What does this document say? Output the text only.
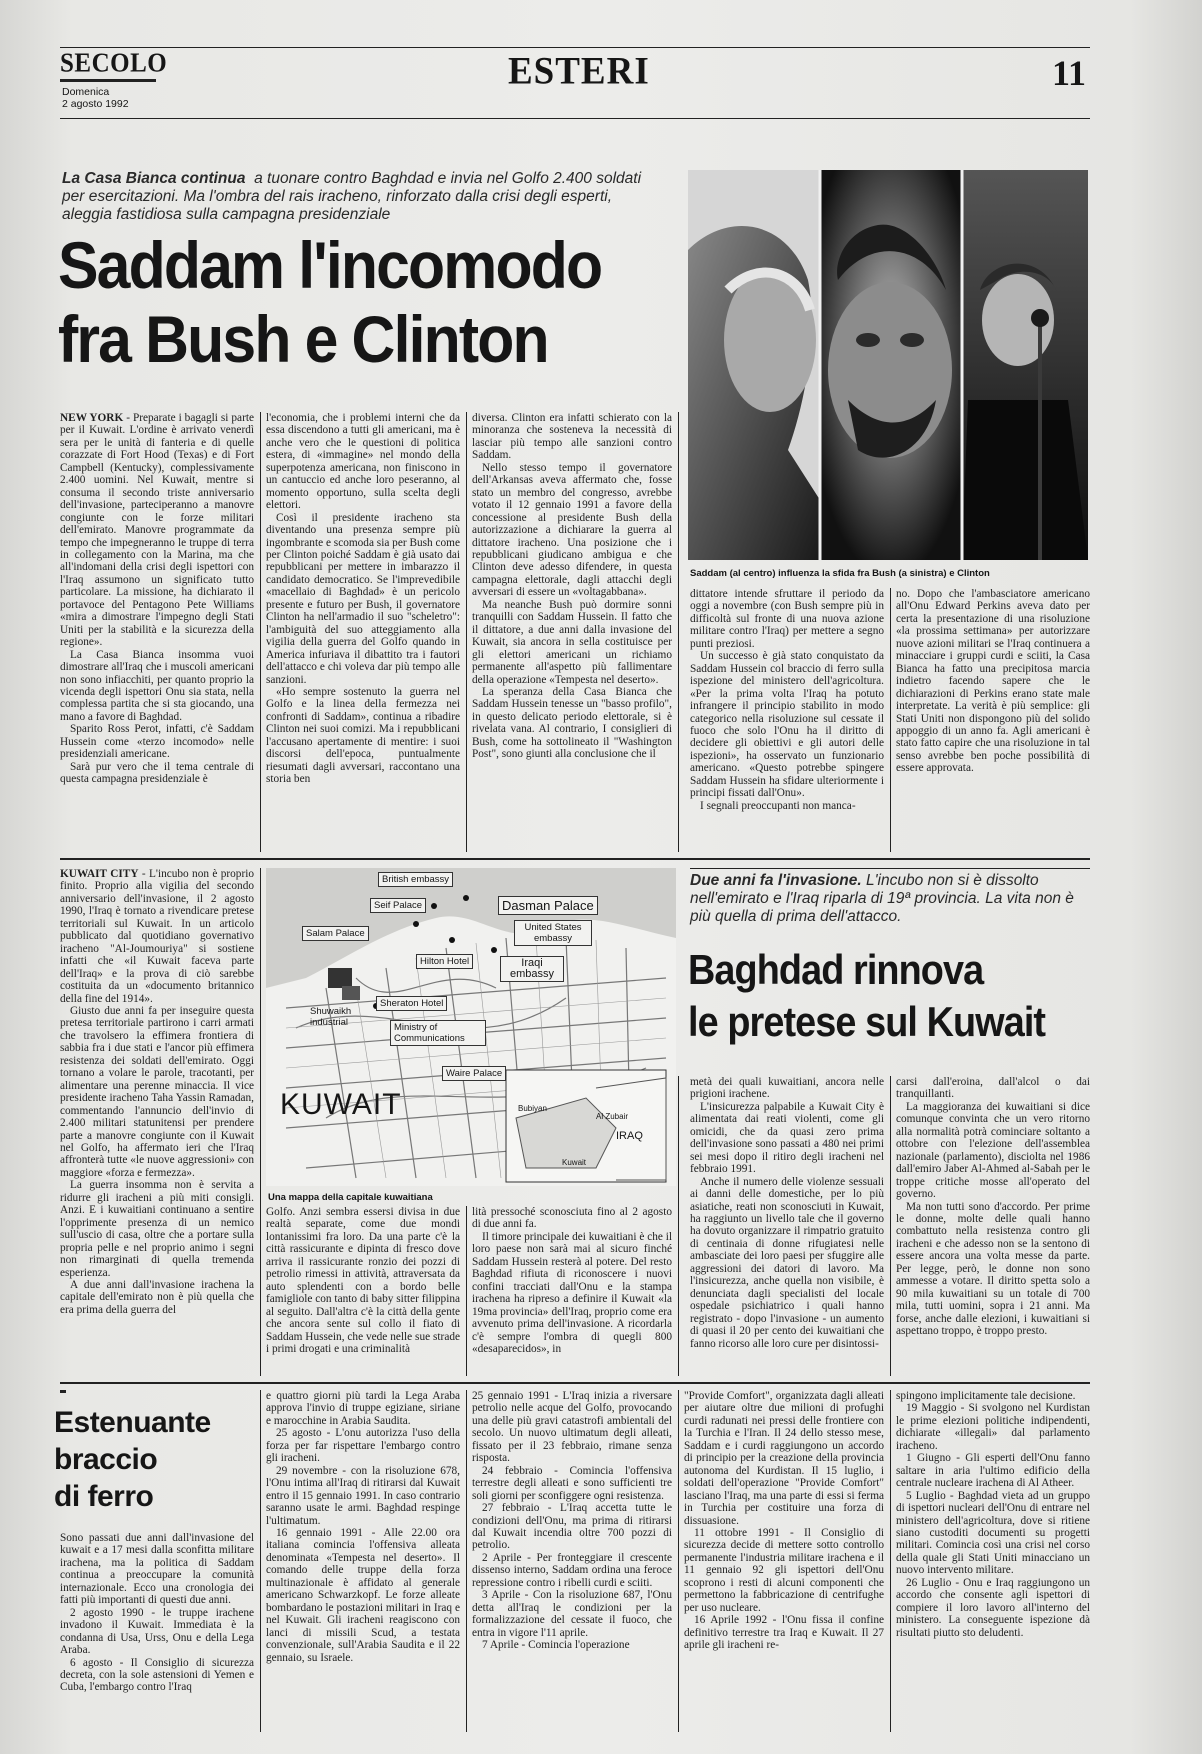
SECOLO
Domenica
2 agosto 1992
ESTERI	11
La Casa Bianca continua a tuonare contro Baghdad e invia nel Golfo 2.400 soldati per esercitazioni. Ma l'ombra del rais iracheno, rinforzato dalla crisi degli esperti, aleggia fastidiosa sulla campagna presidenziale
Saddam l'incomodo
fra Bush e Clinton
Saddam (al centro) influenza la sfida fra Bush (a sinistra) e Clinton

NEW YORK - Preparate i bagagli si parte per il Kuwait. L'ordine è arrivato venerdì sera per le unità di fanteria e di quelle corazzate di Fort Hood (Texas) e di Fort Campbell (Kentucky), complessivamente 2.400 uomini. Nel Kuwait, mentre si consuma il secondo triste anniversario dell'invasione, parteciperanno a manovre congiunte con le forze militari dell'emirato. Manovre programmate da tempo che impegneranno le truppe di terra in collegamento con la Marina, ma che all'indomani della crisi degli ispettori con l'Iraq assumono un significato tutto particolare. La missione, ha dichiarato il portavoce del Pentagono Pete Williams «mira a dimostrare l'impegno degli Stati Uniti per la stabilità e la sicurezza della regione».

La Casa Bianca insomma vuoi dimostrare all'Iraq che i muscoli americani non sono infiacchiti, per quanto proprio la vicenda degli ispettori Onu sia stata, nella complessa partita che si sta giocando, una mano a favore di Baghdad.

Sparito Ross Perot, infatti, c'è Saddam Hussein come «terzo incomodo» nelle presidenziali americane.

Sarà pur vero che il tema centrale di questa campagna presidenziale è

l'economia, che i problemi interni che da essa discendono a tutti gli americani, ma è anche vero che le questioni di politica estera, di «immagine» nel mondo della superpotenza americana, non finiscono in un cantuccio ed anche loro peseranno, al momento opportuno, sulla scelta degli elettori.

Così il presidente iracheno sta diventando una presenza sempre più ingombrante e scomoda sia per Bush come per Clinton poiché Saddam è già usato dai repubblicani per mettere in imbarazzo il candidato democratico. Se l'imprevedibile «macellaio di Baghdad» è un pericolo presente e futuro per Bush, il governatore Clinton ha nell'armadio il suo "scheletro": l'ambiguità del suo atteggiamento alla vigilia della guerra del Golfo quando in America infuriava il dibattito tra i fautori dell'attacco e chi voleva dar più tempo alle sanzioni.

«Ho sempre sostenuto la guerra nel Golfo e la linea della fermezza nei confronti di Saddam», continua a ribadire Clinton nei suoi comizi. Ma i repubblicani l'accusano apertamente di mentire: i suoi discorsi dell'epoca, puntualmente riesumati dagli avversari, raccontano una storia ben

diversa. Clinton era infatti schierato con la minoranza che sosteneva la necessità di lasciar più tempo alle sanzioni contro Saddam.

Nello stesso tempo il governatore dell'Arkansas aveva affermato che, fosse stato un membro del congresso, avrebbe votato il 12 gennaio 1991 a favore della concessione al presidente Bush della autorizzazione a dichiarare la guerra al dittatore iracheno. Una posizione che i repubblicani giudicano ambigua e che Clinton deve adesso difendere, in questa campagna elettorale, dagli attacchi degli avversari di essere un «voltagabbana».

Ma neanche Bush può dormire sonni tranquilli con Saddam Hussein. Il fatto che il dittatore, a due anni dalla invasione del Kuwait, sia ancora in sella costituisce per gli elettori americani un richiamo permanente all'aspetto più fallimentare della operazione «Tempesta nel deserto».

La speranza della Casa Bianca che Saddam Hussein tenesse un "basso profilo", in questo delicato periodo elettorale, si è rivelata vana. Al contrario, I consiglieri di Bush, come ha sottolineato il "Washington Post", sono giunti alla conclusione che il

dittatore intende sfruttare il periodo da oggi a novembre (con Bush sempre più in difficoltà sul fronte di una nuova azione militare contro l'Iraq) per mettere a segno punti preziosi.

Un successo è già stato conquistato da Saddam Hussein col braccio di ferro sulla ispezione del ministero dell'agricoltura. «Per la prima volta l'Iraq ha potuto infrangere il principio stabilito in modo categorico nella risoluzione sul cessate il fuoco che solo l'Onu ha il diritto di decidere gli obiettivi e gli autori delle ispezioni», ha osservato un funzionario americano. «Questo potrebbe spingere Saddam Hussein ha sfidare ulteriormente i principi fissati dall'Onu».

I segnali preoccupanti non manca-

no. Dopo che l'ambasciatore americano all'Onu Edward Perkins aveva dato per certa la presentazione di una risoluzione «la prossima settimana» per autorizzare nuove azioni militari se l'Iraq continuera a minacciare i gruppi curdi e sciiti, la Casa Bianca ha fatto una precipitosa marcia indietro facendo sapere che le dichiarazioni di Perkins erano state male interpretate. La verità è più semplice: gli Stati Uniti non dispongono più del solido appoggio di un anno fa. Agli americani è stato fatto capire che una risoluzione in tal senso avrebbe ben poche possibilità di essere approvata.

KUWAIT CITY - L'incubo non è proprio finito. Proprio alla vigilia del secondo anniversario dell'invasione, il 2 agosto 1990, l'Iraq è tornato a rivendicare pretese territoriali sul Kuwait. In un articolo pubblicato dal quotidiano governativo iracheno "Al-Joumouriya" si sostiene infatti che «il Kuwait faceva parte dell'Iraq» e la prova di ciò sarebbe costituita da un «documento britannico della fine del 1914».

Giusto due anni fa per inseguire questa pretesa territoriale partirono i carri armati che travolsero la effimera frontiera di sabbia fra i due stati e l'ancor più effimera resistenza dei soldati dell'emirato. Oggi tornano a volare le parole, tracotanti, per alimentare una perenne minaccia. Il vice presidente iracheno Taha Yassin Ramadan, commentando l'annuncio dell'invio di 2.400 militari statunitensi per prendere parte a manovre congiunte con il Kuwait nel Golfo, ha affermato ieri che l'Iraq affronterà tutte «le nuove aggressioni» con maggiore «forza e fermezza».

La guerra insomma non è servita a ridurre gli iracheni a più miti consigli. Anzi. E i kuwaitiani continuano a sentire l'opprimente presenza di un nemico sull'uscio di casa, oltre che a portare sulla propria pelle e nel proprio animo i segni non rimarginati di quella tremenda esperienza.

A due anni dall'invasione irachena la capitale dell'emirato non è più quella che era prima della guerra del

British embassy
Seif Palace	Dasman Palace
United States embassy
Salam Palace
Hilton Hotel	Iraqi embassy
Sheraton Hotel
Ministry of Communications
Shuwaikh industrial
Waire Palace
KUWAIT	Bubiyan
Al Zubair
IRAQ
Kuwait
Una mappa della capitale kuwaitiana
Due anni fa l'invasione. L'incubo non si è dissolto nell'emirato e l'Iraq riparla di 19ª provincia. La vita non è più quella di prima dell'attacco.
Baghdad rinnova
le pretese sul Kuwait

Golfo. Anzi sembra essersi divisa in due realtà separate, come due mondi lontanissimi fra loro. Da una parte c'è la città rassicurante e dipinta di fresco dove arriva il rassicurante ronzio dei pozzi di petrolio rimessi in attività, attraversata da auto splendenti con a bordo belle famigliole con tanto di baby sitter filippina al seguito. Dall'altra c'è la città della gente che ancora sente sul collo il fiato di Saddam Hussein, che vede nelle sue strade i primi drogati e una criminalità

lità pressoché sconosciuta fino al 2 agosto di due anni fa.

Il timore principale dei kuwaitiani è che il loro paese non sarà mai al sicuro finché Saddam Hussein resterà al potere. Del resto Baghdad rifiuta di riconoscere i nuovi confini tracciati dall'Onu e la stampa irachena ha ripreso a definire il Kuwait «la 19ma provincia» dell'Iraq, proprio come era avvenuto prima dell'invasione. A ricordarla c'è sempre l'ombra di quegli 800 «desaparecidos», in

metà dei quali kuwaitiani, ancora nelle prigioni irachene.

L'insicurezza palpabile a Kuwait City è alimentata dai reati violenti, come gli omicidi, che da quasi zero prima dell'invasione sono passati a 480 nei primi sei mesi dopo il ritiro degli iracheni nel febbraio 1991.

Anche il numero delle violenze sessuali ai danni delle domestiche, per lo più asiatiche, reati non sconosciuti in Kuwait, ha raggiunto un livello tale che il governo ha dovuto organizzare il rimpatrio gratuito di centinaia di donne rifugiatesi nelle ambasciate dei loro paesi per sfuggire alle aggressioni dei datori di lavoro. Ma l'insicurezza, anche quella non visibile, è denunciata dagli specialisti del locale ospedale psichiatrico i quali hanno registrato - dopo l'invasione - un aumento di quasi il 20 per cento dei kuwaitiani che fanno ricorso alle loro cure per disintossi-

carsi dall'eroina, dall'alcol o dai tranquillanti.

La maggioranza dei kuwaitiani si dice comunque convinta che un vero ritorno alla normalità potrà cominciare soltanto a ottobre con l'elezione dell'assemblea nazionale (parlamento), disciolta nel 1986 dall'emiro Jaber Al-Ahmed al-Sabah per le troppe critiche mosse all'operato del governo.

Ma non tutti sono d'accordo. Per prime le donne, molte delle quali hanno combattuto nella resistenza contro gli iracheni e che adesso non se la sentono di essere ancora una volta messe da parte. Per legge, però, le donne non sono ammesse a votare. Il diritto spetta solo a 90 mila kuwaitiani su un totale di 700 mila, tutti uomini, sopra i 21 anni. Ma forse, anche dalle elezioni, i kuwaitiani si aspettano troppo, è troppo presto.

Estenuante
braccio
di ferro

Sono passati due anni dall'invasione del kuwait e a 17 mesi dalla sconfitta militare irachena, ma la politica di Saddam continua a preoccupare la comunità internazionale. Ecco una cronologia dei fatti più importanti di questi due anni.

2 agosto 1990 - le truppe irachene invadono il Kuwait. Immediata è la condanna di Usa, Urss, Onu e della Lega Araba.

6 agosto - Il Consiglio di sicurezza decreta, con la sole astensioni di Yemen e Cuba, l'embargo contro l'Iraq

e quattro giorni più tardi la Lega Araba approva l'invio di truppe egiziane, siriane e marocchine in Arabia Saudita.

25 agosto - L'onu autorizza l'uso della forza per far rispettare l'embargo contro gli iracheni.

29 novembre - con la risoluzione 678, l'Onu intima all'Iraq di ritirarsi dal Kuwait entro il 15 gennaio 1991. In caso contrario saranno usate le armi. Baghdad respinge l'ultimatum.

16 gennaio 1991 - Alle 22.00 ora italiana comincia l'offensiva alleata denominata «Tempesta nel deserto». Il comando delle truppe della forza multinazionale è affidato al generale americano Schwarzkopf. Le forze alleate bombardano le postazioni militari in Iraq e nel Kuwait. Gli iracheni reagiscono con lanci di missili Scud, a testata convenzionale, sull'Arabia Saudita e il 22 gennaio, su Israele.

25 gennaio 1991 - L'Iraq inizia a riversare petrolio nelle acque del Golfo, provocando una delle più gravi catastrofi ambientali del secolo. Un nuovo ultimatum degli alleati, fissato per il 23 febbraio, rimane senza risposta.

24 febbraio - Comincia l'offensiva terrestre degli alleati e sono sufficienti tre soli giorni per sconfiggere ogni resistenza.

27 febbraio - L'Iraq accetta tutte le condizioni dell'Onu, ma prima di ritirarsi dal Kuwait incendia oltre 700 pozzi di petrolio.

2 Aprile - Per fronteggiare il crescente dissenso interno, Saddam ordina una feroce repressione contro i ribelli curdi e sciiti.

3 Aprile - Con la risoluzione 687, l'Onu detta all'Iraq le condizioni per la formalizzazione del cessate il fuoco, che entra in vigore l'11 aprile.

7 Aprile - Comincia l'operazione

"Provide Comfort", organizzata dagli alleati per aiutare oltre due milioni di profughi curdi radunati nei pressi delle frontiere con la Turchia e l'Iran. Il 24 dello stesso mese, Saddam e i curdi raggiungono un accordo di principio per la creazione della provincia autonoma del Kurdistan. Il 15 luglio, i soldati dell'operazione "Provide Comfort" lasciano l'Iraq, ma una parte di essi si ferma in Turchia per costituire una forza di dissuasione.

11 ottobre 1991 - Il Consiglio di sicurezza decide di mettere sotto controllo permanente l'industria militare irachena e il 11 gennaio 92 gli ispettori dell'Onu scoprono i resti di alcuni componenti che permettono la fabbricazione di centrifughe per uso nucleare.

16 Aprile 1992 - l'Onu fissa il confine definitivo terrestre tra Iraq e Kuwait. Il 27 aprile gli iracheni re-

spingono implicitamente tale decisione.

19 Maggio - Si svolgono nel Kurdistan le prime elezioni politiche indipendenti, dichiarate «illegali» dal parlamento iracheno.

1 Giugno - Gli esperti dell'Onu fanno saltare in aria l'ultimo edificio della centrale nucleare irachena di Al Atheer.

5 Luglio - Baghdad vieta ad un gruppo di ispettori nucleari dell'Onu di entrare nel ministero dell'agricoltura, dove si ritiene siano custoditi documenti su progetti militari. Comincia così una crisi nel corso della quale gli Stati Uniti minacciano un nuovo intervento militare.

26 Luglio - Onu e Iraq raggiungono un accordo che consente agli ispettori di compiere il loro lavoro all'interno del ministero. La conseguente ispezione dà risultati piutto sto deludenti.
